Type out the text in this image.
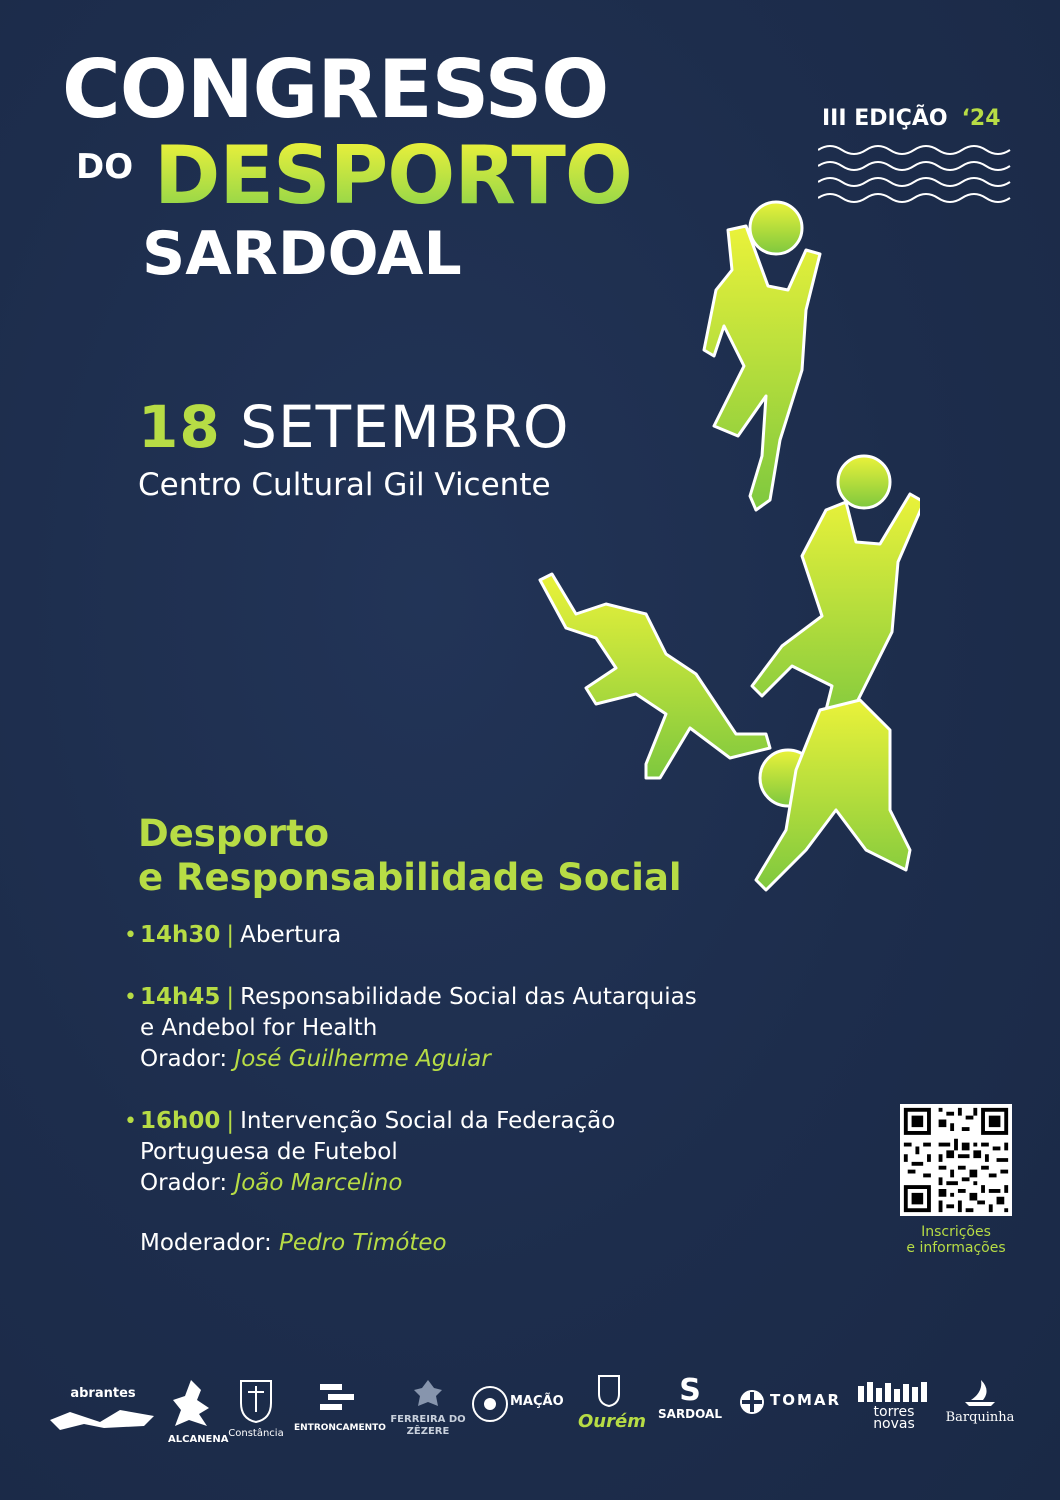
CONGRESSO
DO DESPORTO
SARDOAL
III EDIÇÃO ‘24
18 SETEMBRO
Centro Cultural Gil Vicente
Desporto
e Responsabilidade Social
• 14h30 | Abertura
• 14h45 | Responsabilidade Social das Autarquias
e Andebol for Health
Orador: José Guilherme Aguiar
• 16h00 | Intervenção Social da Federação
Portuguesa de Futebol
Orador: João Marcelino
Moderador: Pedro Timóteo	Inscrições
e informações
abrantes
ALCANENA
Constância ENTRONCAMENTO
FERREIRA DO ZÊZERE
MAÇÃO
Ourém
S
SARDOAL
TOMAR
torres novas	Barquinha
